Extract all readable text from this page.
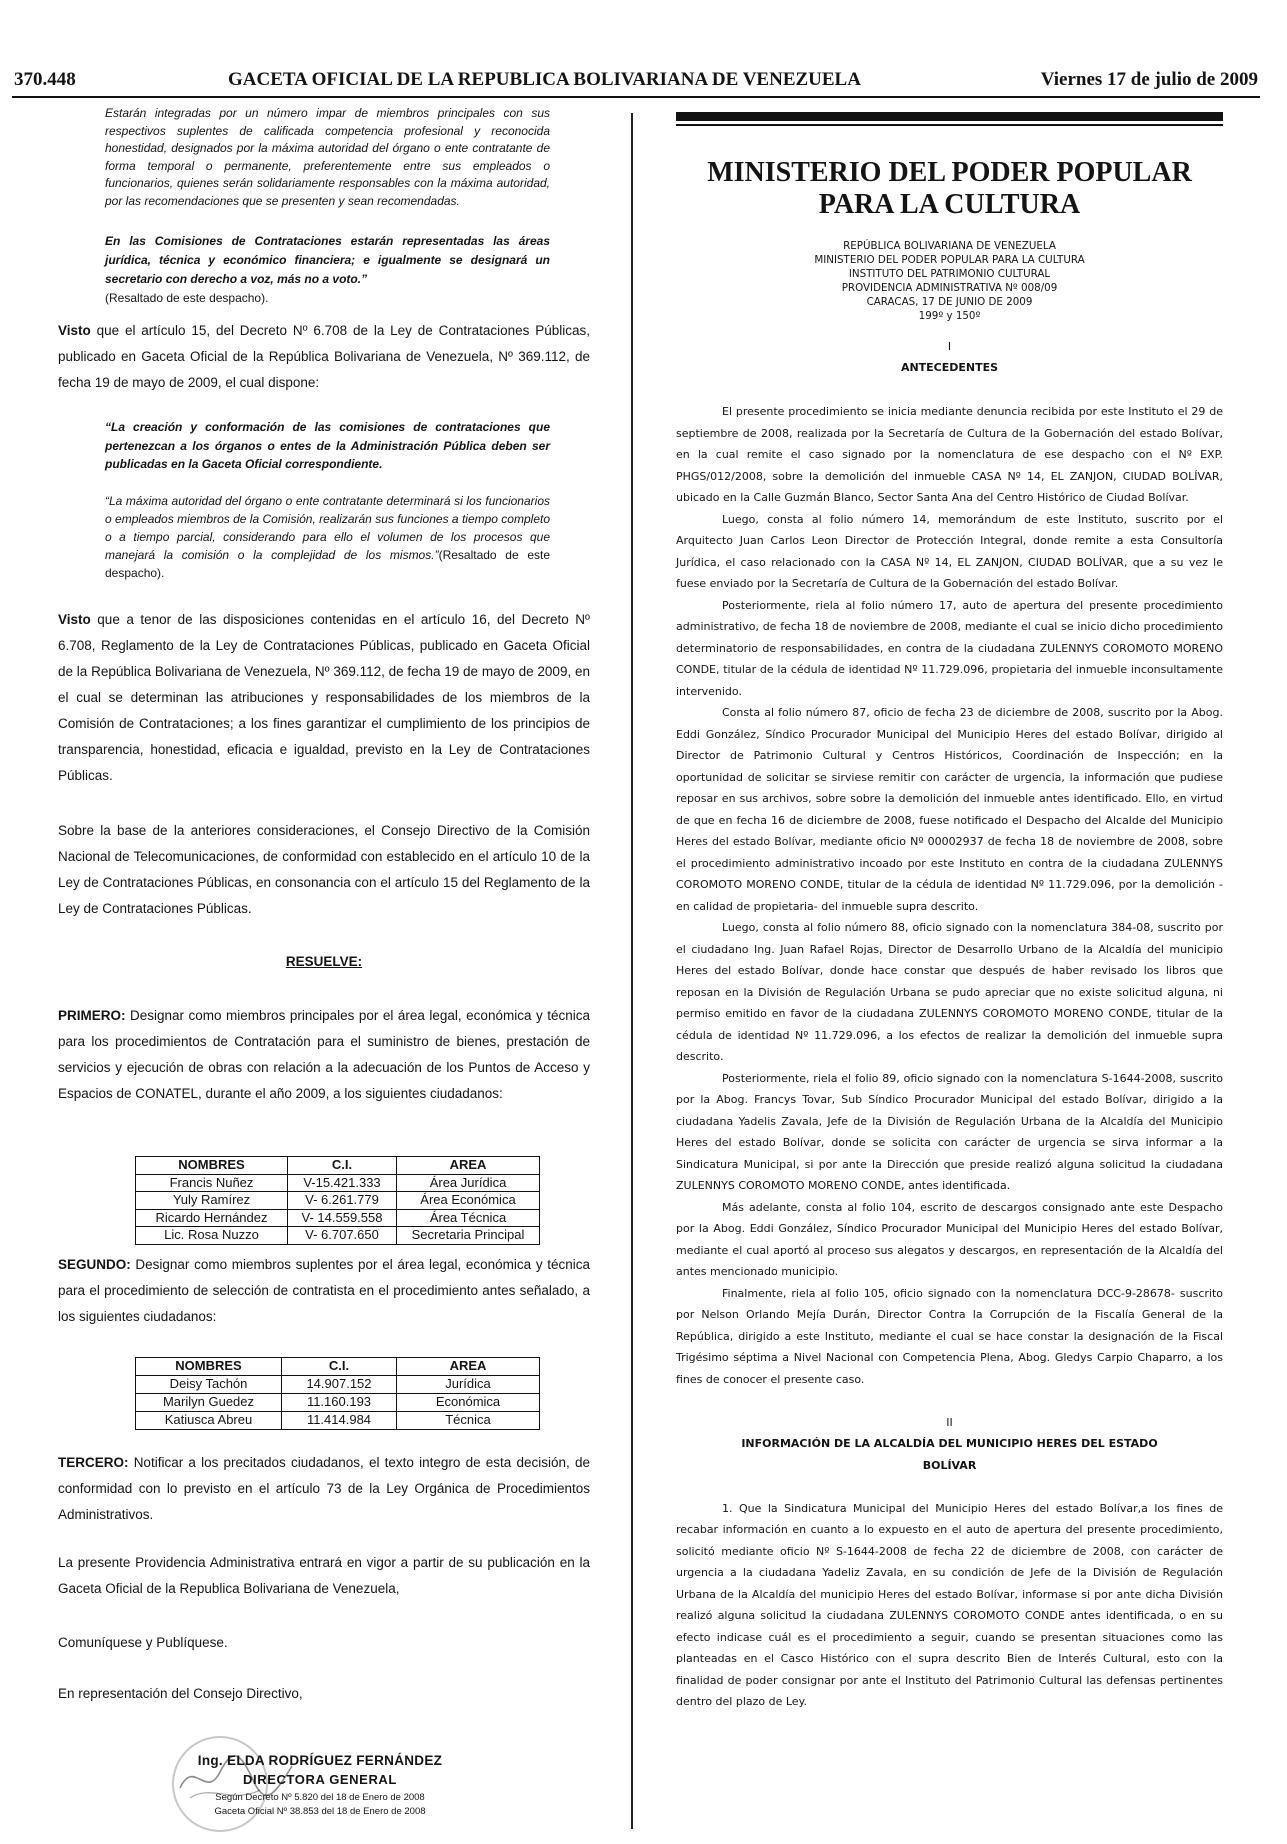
370.448	GACETA OFICIAL DE LA REPUBLICA BOLIVARIANA DE VENEZUELA	Viernes 17 de julio de 2009

Estarán integradas por un número impar de miembros principales con sus respectivos suplentes de calificada competencia profesional y reconocida honestidad, designados por la máxima autoridad del órgano o ente contratante de forma temporal o permanente, preferentemente entre sus empleados o funcionarios, quienes serán solidariamente responsables con la máxima autoridad, por las recomendaciones que se presenten y sean recomendadas.

En las Comisiones de Contrataciones estarán representadas las áreas jurídica, técnica y económico financiera; e igualmente se designará un secretario con derecho a voz, más no a voto.”
(Resaltado de este despacho).

Visto que el artículo 15, del Decreto Nº 6.708 de la Ley de Contrataciones Públicas, publicado en Gaceta Oficial de la República Bolivariana de Venezuela, Nº 369.112, de fecha 19 de mayo de 2009, el cual dispone:

“La creación y conformación de las comisiones de contrataciones que pertenezcan a los órganos o entes de la Administración Pública deben ser publicadas en la Gaceta Oficial correspondiente.

“La máxima autoridad del órgano o ente contratante determinará si los funcionarios o empleados miembros de la Comisión, realizarán sus funciones a tiempo completo o a tiempo parcial, considerando para ello el volumen de los procesos que manejará la comisión o la complejidad de los mismos.”(Resaltado de este despacho).

Visto que a tenor de las disposiciones contenidas en el artículo 16, del Decreto Nº 6.708, Reglamento de la Ley de Contrataciones Públicas, publicado en Gaceta Oficial de la República Bolivariana de Venezuela, Nº 369.112, de fecha 19 de mayo de 2009, en el cual se determinan las atribuciones y responsabilidades de los miembros de la Comisión de Contrataciones; a los fines garantizar el cumplimiento de los principios de transparencia, honestidad, eficacia e igualdad, previsto en la Ley de Contrataciones Públicas.

Sobre la base de la anteriores consideraciones, el Consejo Directivo de la Comisión Nacional de Telecomunicaciones, de conformidad con establecido en el artículo 10 de la Ley de Contrataciones Públicas, en consonancia con el artículo 15 del Reglamento de la Ley de Contrataciones Públicas.

RESUELVE:

PRIMERO: Designar como miembros principales por el área legal, económica y técnica para los procedimientos de Contratación para el suministro de bienes, prestación de servicios y ejecución de obras con relación a la adecuación de los Puntos de Acceso y Espacios de CONATEL, durante el año 2009, a los siguientes ciudadanos:

NOMBRES	C.I.	AREA
Francis Nuñez	V-15.421.333	Área Jurídica
Yuly Ramírez	V- 6.261.779	Área Económica
Ricardo Hernández	V- 14.559.558	Área Técnica
Lic. Rosa Nuzzo	V- 6.707.650	Secretaria Principal

SEGUNDO: Designar como miembros suplentes por el área legal, económica y técnica para el procedimiento de selección de contratista en el procedimiento antes señalado, a los siguientes ciudadanos:

NOMBRES	C.I.	AREA
Deisy Tachón	14.907.152	Jurídica
Marilyn Guedez	11.160.193	Económica
Katiusca Abreu	11.414.984	Técnica

TERCERO: Notificar a los precitados ciudadanos, el texto integro de esta decisión, de conformidad con lo previsto en el artículo 73 de la Ley Orgánica de Procedimientos Administrativos.

La presente Providencia Administrativa entrará en vigor a partir de su publicación en la Gaceta Oficial de la Republica Bolivariana de Venezuela,

Comuníquese y Publíquese.

En representación del Consejo Directivo,

Ing. ELDA RODRÍGUEZ FERNÁNDEZ
DIRECTORA GENERAL
Según Decreto Nº 5.820 del 18 de Enero de 2008
Gaceta Oficial Nº 38.853 del 18 de Enero de 2008
MINISTERIO DEL PODER POPULAR
PARA LA CULTURA
REPÚBLICA BOLIVARIANA DE VENEZUELA
MINISTERIO DEL PODER POPULAR PARA LA CULTURA
INSTITUTO DEL PATRIMONIO CULTURAL
PROVIDENCIA ADMINISTRATIVA Nº 008/09
CARACAS, 17 DE JUNIO DE 2009
199º y 150º
I
ANTECEDENTES

El presente procedimiento se inicia mediante denuncia recibida por este Instituto el 29 de septiembre de 2008, realizada por la Secretaría de Cultura de la Gobernación del estado Bolívar, en la cual remite el caso signado por la nomenclatura de ese despacho con el Nº EXP. PHGS/012/2008, sobre la demolición del inmueble CASA Nº 14, EL ZANJON, CIUDAD BOLÍVAR, ubicado en la Calle Guzmán Blanco, Sector Santa Ana del Centro Histórico de Ciudad Bolívar.

Luego, consta al folio número 14, memorándum de este Instituto, suscrito por el Arquitecto Juan Carlos Leon Director de Protección Integral, donde remite a esta Consultoría Jurídica, el caso relacionado con la CASA Nº 14, EL ZANJON, CIUDAD BOLÍVAR, que a su vez le fuese enviado por la Secretaría de Cultura de la Gobernación del estado Bolívar.

Posteriormente, riela al folio número 17, auto de apertura del presente procedimiento administrativo, de fecha 18 de noviembre de 2008, mediante el cual se inicio dicho procedimiento determinatorio de responsabilidades, en contra de la ciudadana ZULENNYS COROMOTO MORENO CONDE, titular de la cédula de identidad Nº 11.729.096, propietaria del inmueble inconsultamente intervenido.

Consta al folio número 87, oficio de fecha 23 de diciembre de 2008, suscrito por la Abog. Eddi González, Síndico Procurador Municipal del Municipio Heres del estado Bolívar, dirigido al Director de Patrimonio Cultural y Centros Históricos, Coordinación de Inspección; en la oportunidad de solicitar se sirviese remitir con carácter de urgencia, la información que pudiese reposar en sus archivos, sobre sobre la demolición del inmueble antes identificado. Ello, en virtud de que en fecha 16 de diciembre de 2008, fuese notificado el Despacho del Alcalde del Municipio Heres del estado Bolívar, mediante oficio Nº 00002937 de fecha 18 de noviembre de 2008, sobre el procedimiento administrativo incoado por este Instituto en contra de la ciudadana ZULENNYS COROMOTO MORENO CONDE, titular de la cédula de identidad Nº 11.729.096, por la demolición -en calidad de propietaria- del inmueble supra descrito.

Luego, consta al folio número 88, oficio signado con la nomenclatura 384-08, suscrito por el ciudadano Ing. Juan Rafael Rojas, Director de Desarrollo Urbano de la Alcaldía del municipio Heres del estado Bolívar, donde hace constar que después de haber revisado los libros que reposan en la División de Regulación Urbana se pudo apreciar que no existe solicitud alguna, ni permiso emitido en favor de la ciudadana ZULENNYS COROMOTO MORENO CONDE, titular de la cédula de identidad Nº 11.729.096, a los efectos de realizar la demolición del inmueble supra descrito.

Posteriormente, riela el folio 89, oficio signado con la nomenclatura S-1644-2008, suscrito por la Abog. Francys Tovar, Sub Síndico Procurador Municipal del estado Bolívar, dirigido a la ciudadana Yadelis Zavala, Jefe de la División de Regulación Urbana de la Alcaldía del Municipio Heres del estado Bolívar, donde se solicita con carácter de urgencia se sirva informar a la Sindicatura Municipal, si por ante la Dirección que preside realizó alguna solicitud la ciudadana ZULENNYS COROMOTO MORENO CONDE, antes identificada.

Más adelante, consta al folio 104, escrito de descargos consignado ante este Despacho por la Abog. Eddi González, Síndico Procurador Municipal del Municipio Heres del estado Bolívar, mediante el cual aportó al proceso sus alegatos y descargos, en representación de la Alcaldía del antes mencionado municipio.

Finalmente, riela al folio 105, oficio signado con la nomenclatura DCC-9-28678- suscrito por Nelson Orlando Mejía Durán, Director Contra la Corrupción de la Fiscalía General de la República, dirigido a este Instituto, mediante el cual se hace constar la designación de la Fiscal Trigésimo séptima a Nivel Nacional con Competencia Plena, Abog. Gledys Carpio Chaparro, a los fines de conocer el presente caso.

II

INFORMACIÓN DE LA ALCALDÍA DEL MUNICIPIO HERES DEL ESTADO BOLÍVAR

1. Que la Sindicatura Municipal del Municipio Heres del estado Bolívar,a los fines de recabar información en cuanto a lo expuesto en el auto de apertura del presente procedimiento, solicitó mediante oficio Nº S-1644-2008 de fecha 22 de diciembre de 2008, con carácter de urgencia a la ciudadana Yadeliz Zavala, en su condición de Jefe de la División de Regulación Urbana de la Alcaldía del municipio Heres del estado Bolívar, informase si por ante dicha División realizó alguna solicitud la ciudadana ZULENNYS COROMOTO CONDE antes identificada, o en su efecto indicase cuál es el procedimiento a seguir, cuando se presentan situaciones como las planteadas en el Casco Histórico con el supra descrito Bien de Interés Cultural, esto con la finalidad de poder consignar por ante el Instituto del Patrimonio Cultural las defensas pertinentes dentro del plazo de Ley.
